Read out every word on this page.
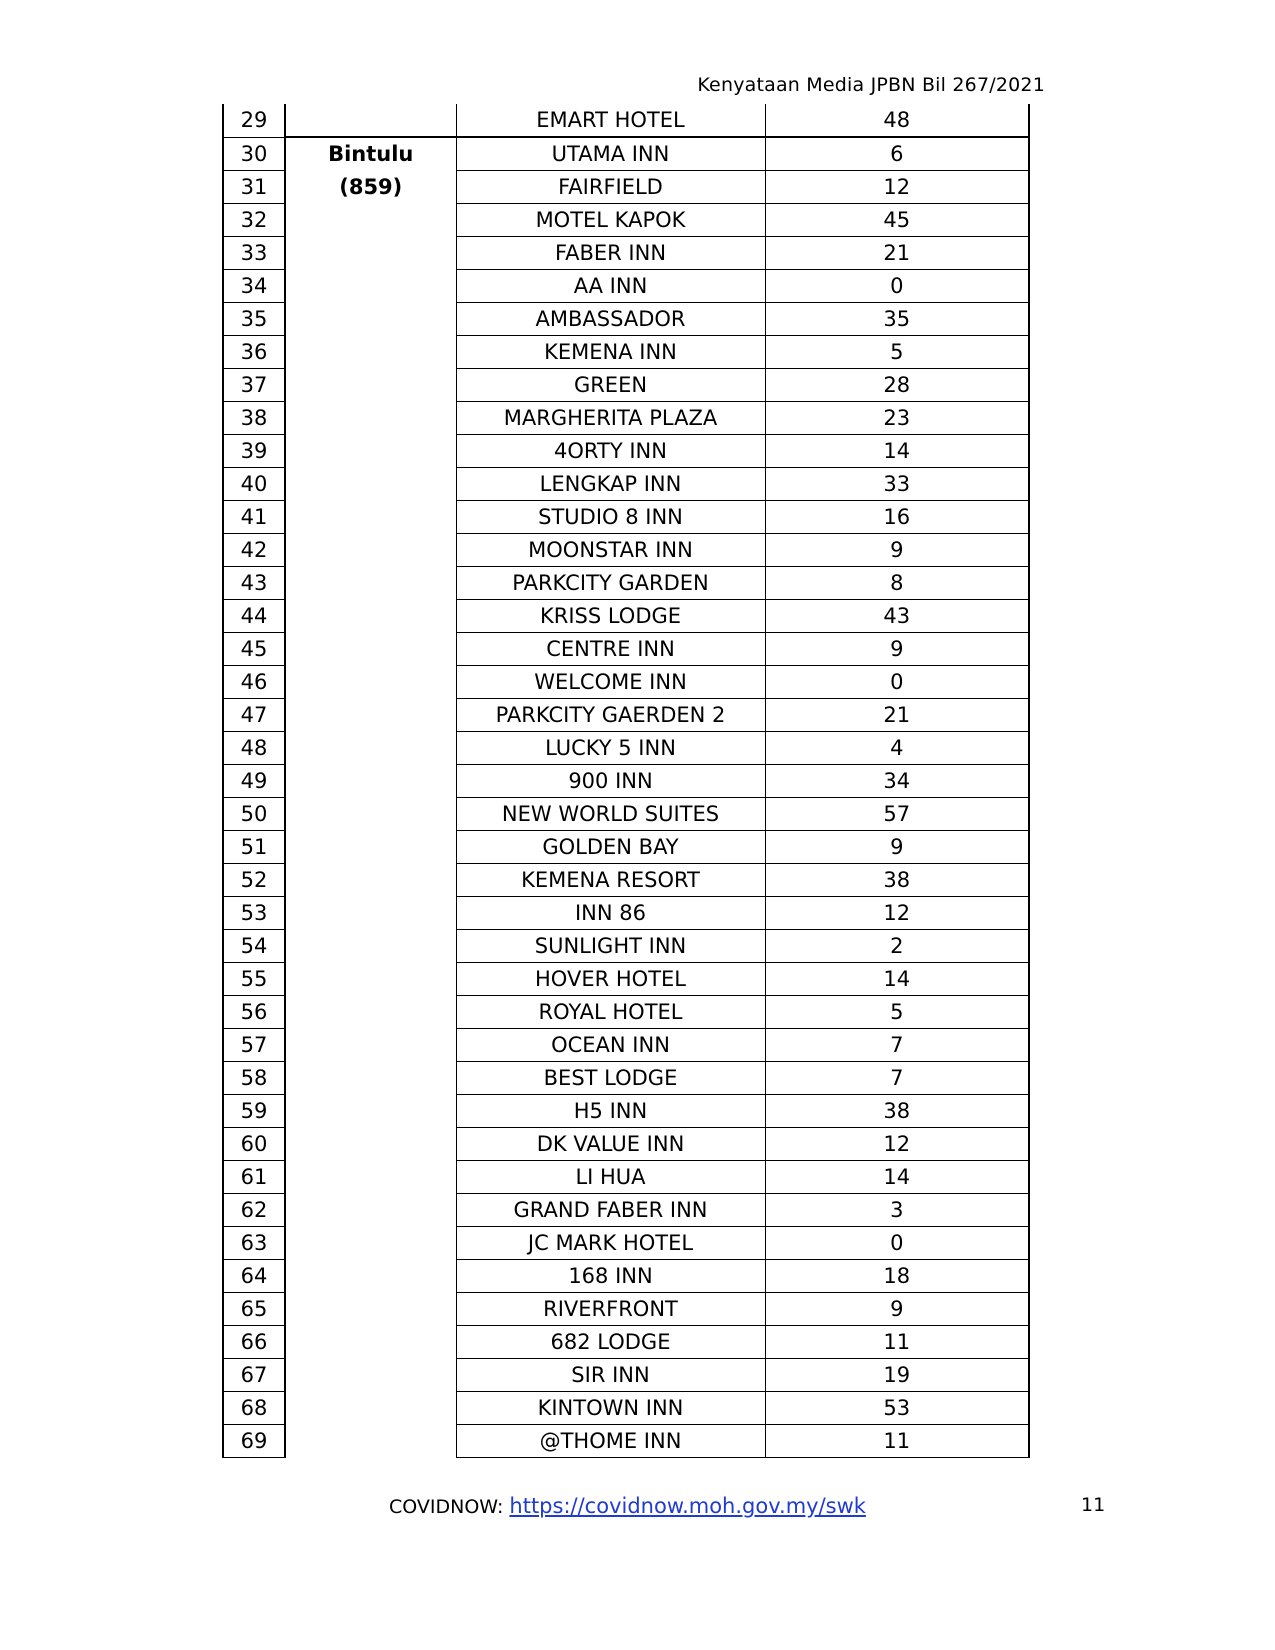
Kenyataan Media JPBN Bil 267/2021
29		EMART HOTEL	48
30	Bintulu	UTAMA INN	6
31	(859)	FAIRFIELD	12
32		MOTEL KAPOK	45
33		FABER INN	21
34		AA INN	0
35		AMBASSADOR	35
36		KEMENA INN	5
37		GREEN	28
38		MARGHERITA PLAZA	23
39		4ORTY INN	14
40		LENGKAP INN	33
41		STUDIO 8 INN	16
42		MOONSTAR INN	9
43		PARKCITY GARDEN	8
44		KRISS LODGE	43
45		CENTRE INN	9
46		WELCOME INN	0
47		PARKCITY GAERDEN 2	21
48		LUCKY 5 INN	4
49		900 INN	34
50		NEW WORLD SUITES	57
51		GOLDEN BAY	9
52		KEMENA RESORT	38
53		INN 86	12
54		SUNLIGHT INN	2
55		HOVER HOTEL	14
56		ROYAL HOTEL	5
57		OCEAN INN	7
58		BEST LODGE	7
59		H5 INN	38
60		DK VALUE INN	12
61		LI HUA	14
62		GRAND FABER INN	3
63		JC MARK HOTEL	0
64		168 INN	18
65		RIVERFRONT	9
66		682 LODGE	11
67		SIR INN	19
68		KINTOWN INN	53
69		@THOME INN	11
COVIDNOW: https://covidnow.moh.gov.my/swk	11
